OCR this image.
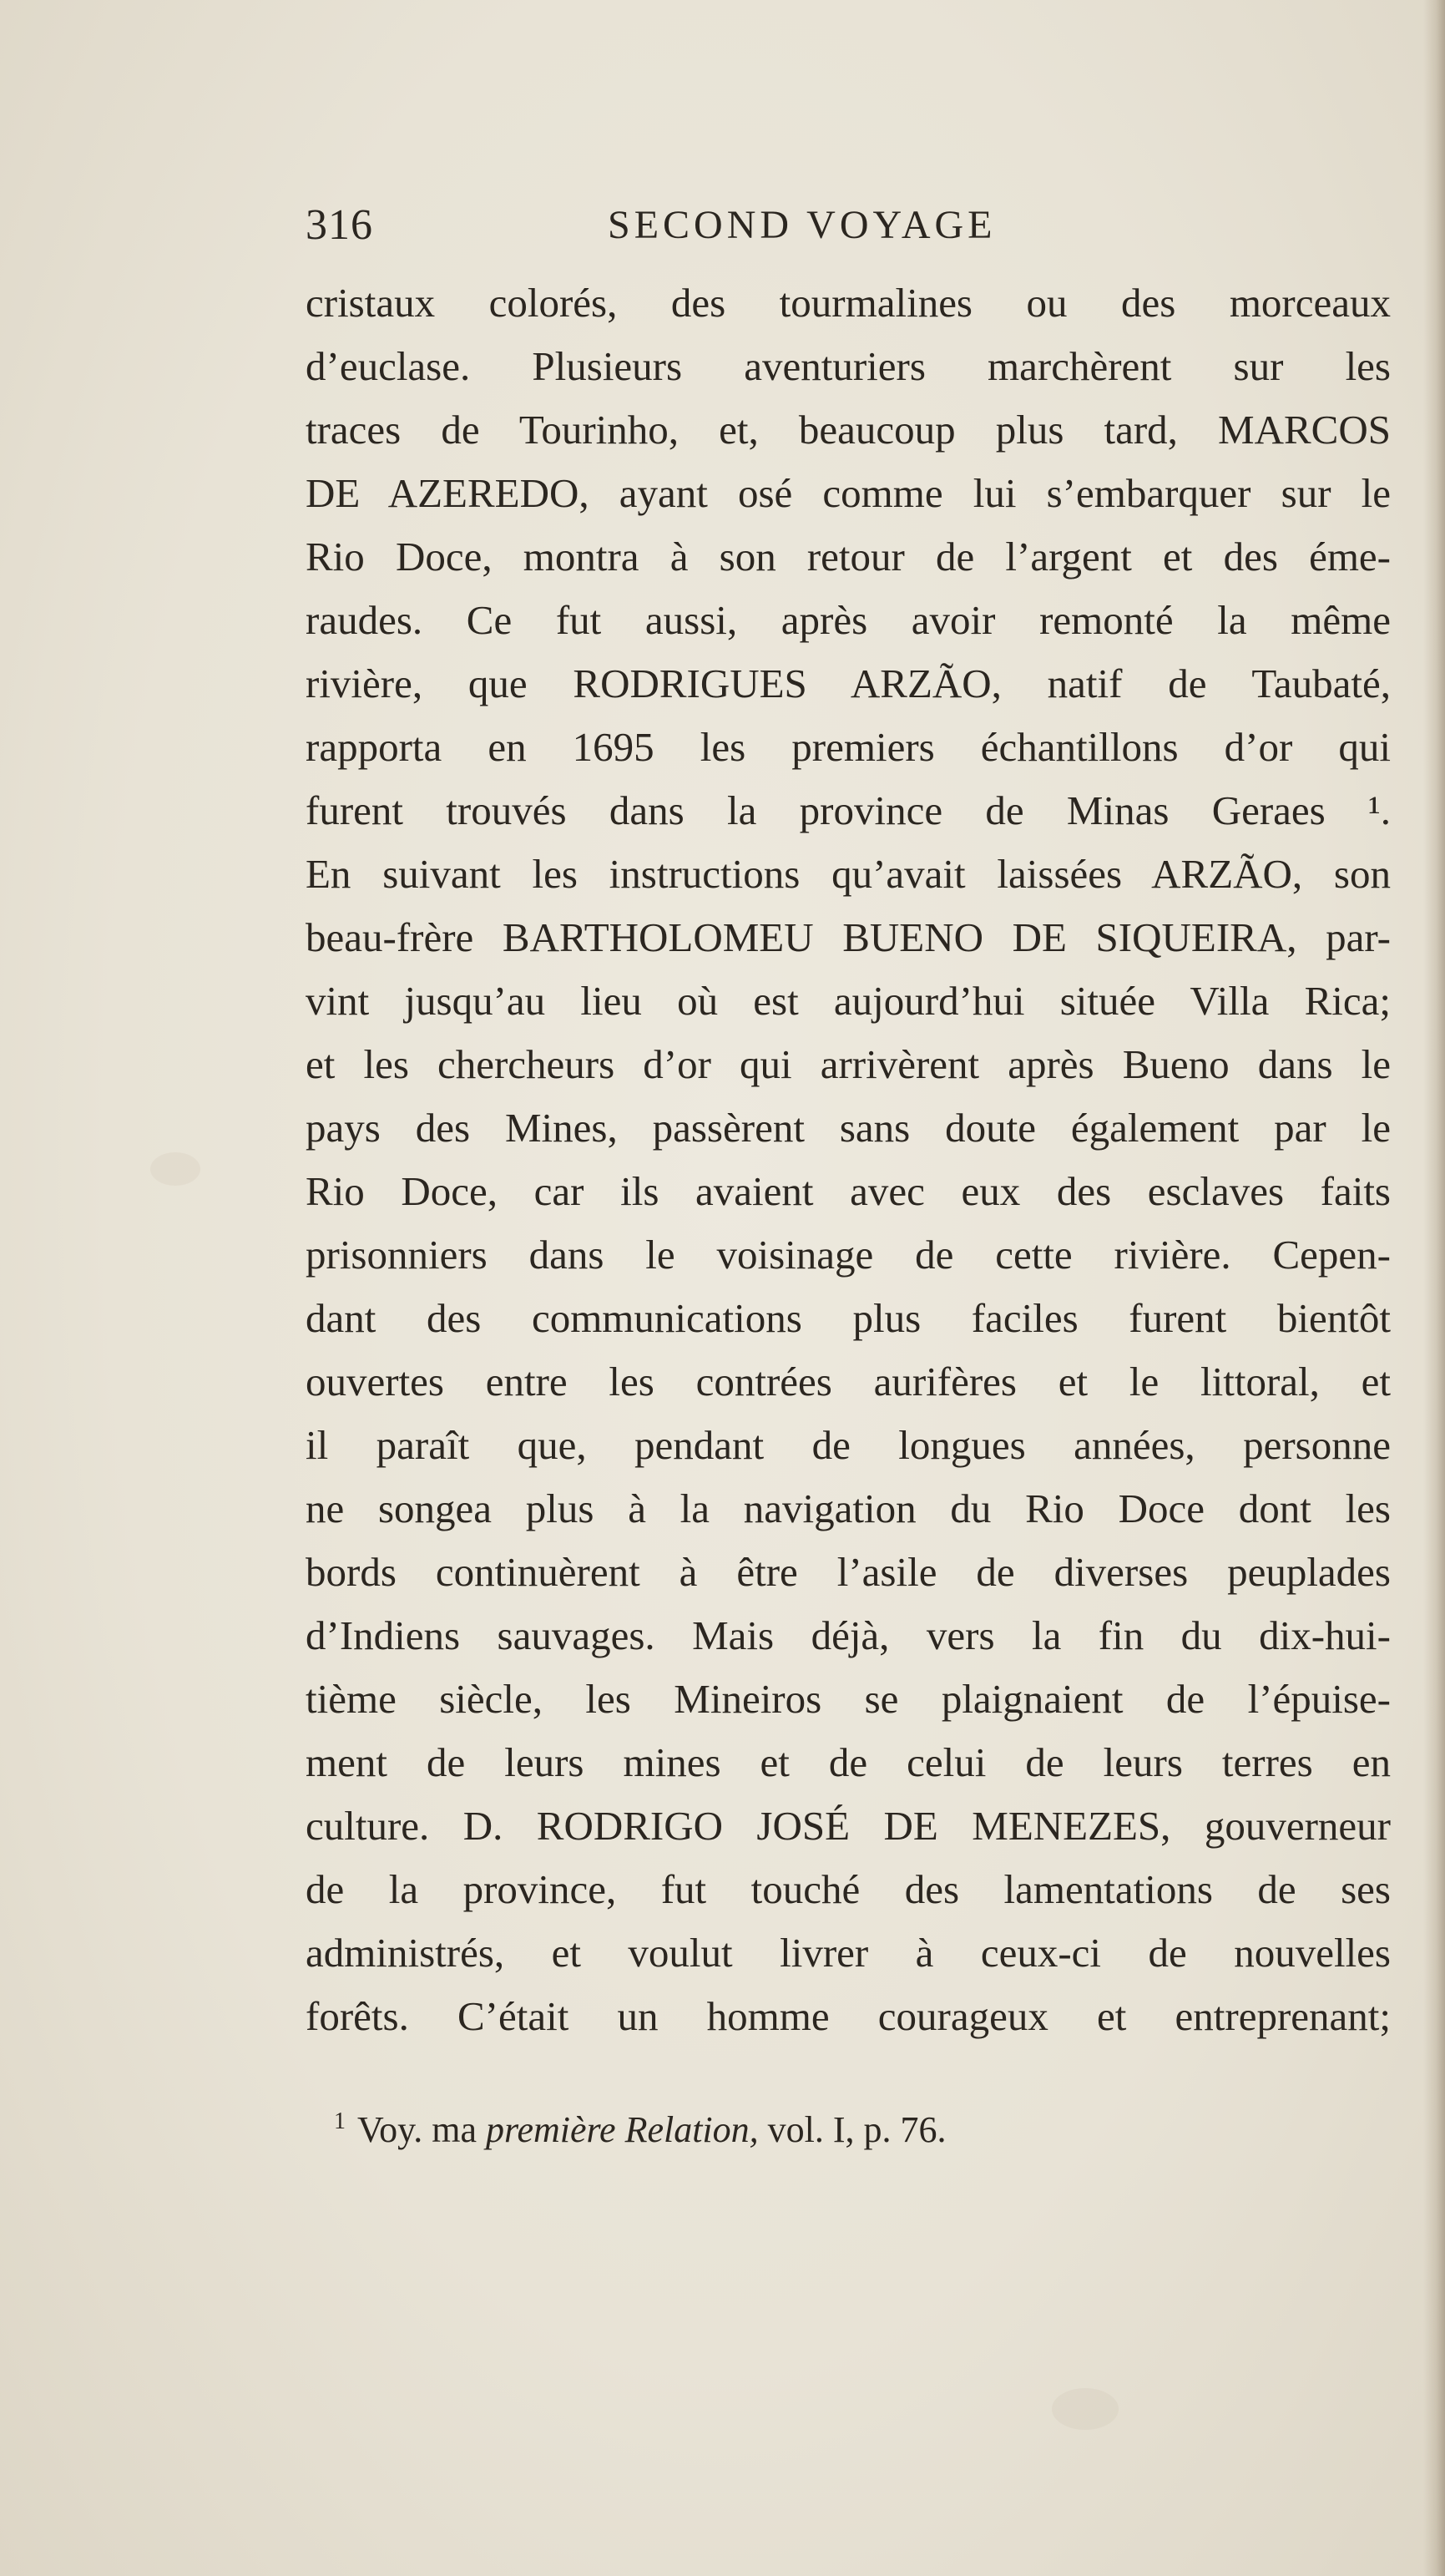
316	SECOND VOYAGE
cristaux colorés, des tourmalines ou des morceaux
d’euclase. Plusieurs aventuriers marchèrent sur les
traces de Tourinho, et, beaucoup plus tard, MARCOS
DE AZEREDO, ayant osé comme lui s’embarquer sur le
Rio Doce, montra à son retour de l’argent et des éme-
raudes. Ce fut aussi, après avoir remonté la même
rivière, que RODRIGUES ARZÃO, natif de Taubaté,
rapporta en 1695 les premiers échantillons d’or qui
furent trouvés dans la province de Minas Geraes ¹.
En suivant les instructions qu’avait laissées ARZÃO, son
beau-frère BARTHOLOMEU BUENO DE SIQUEIRA, par-
vint jusqu’au lieu où est aujourd’hui située Villa Rica;
et les chercheurs d’or qui arrivèrent après Bueno dans le
pays des Mines, passèrent sans doute également par le
Rio Doce, car ils avaient avec eux des esclaves faits
prisonniers dans le voisinage de cette rivière. Cepen-
dant des communications plus faciles furent bientôt
ouvertes entre les contrées aurifères et le littoral, et
il paraît que, pendant de longues années, personne
ne songea plus à la navigation du Rio Doce dont les
bords continuèrent à être l’asile de diverses peuplades
d’Indiens sauvages. Mais déjà, vers la fin du dix-hui-
tième siècle, les Mineiros se plaignaient de l’épuise-
ment de leurs mines et de celui de leurs terres en
culture. D. RODRIGO JOSÉ DE MENEZES, gouverneur
de la province, fut touché des lamentations de ses
administrés, et voulut livrer à ceux-ci de nouvelles
forêts. C’était un homme courageux et entreprenant;
$^1$ Voy. ma première Relation, vol. I, p. 76.
